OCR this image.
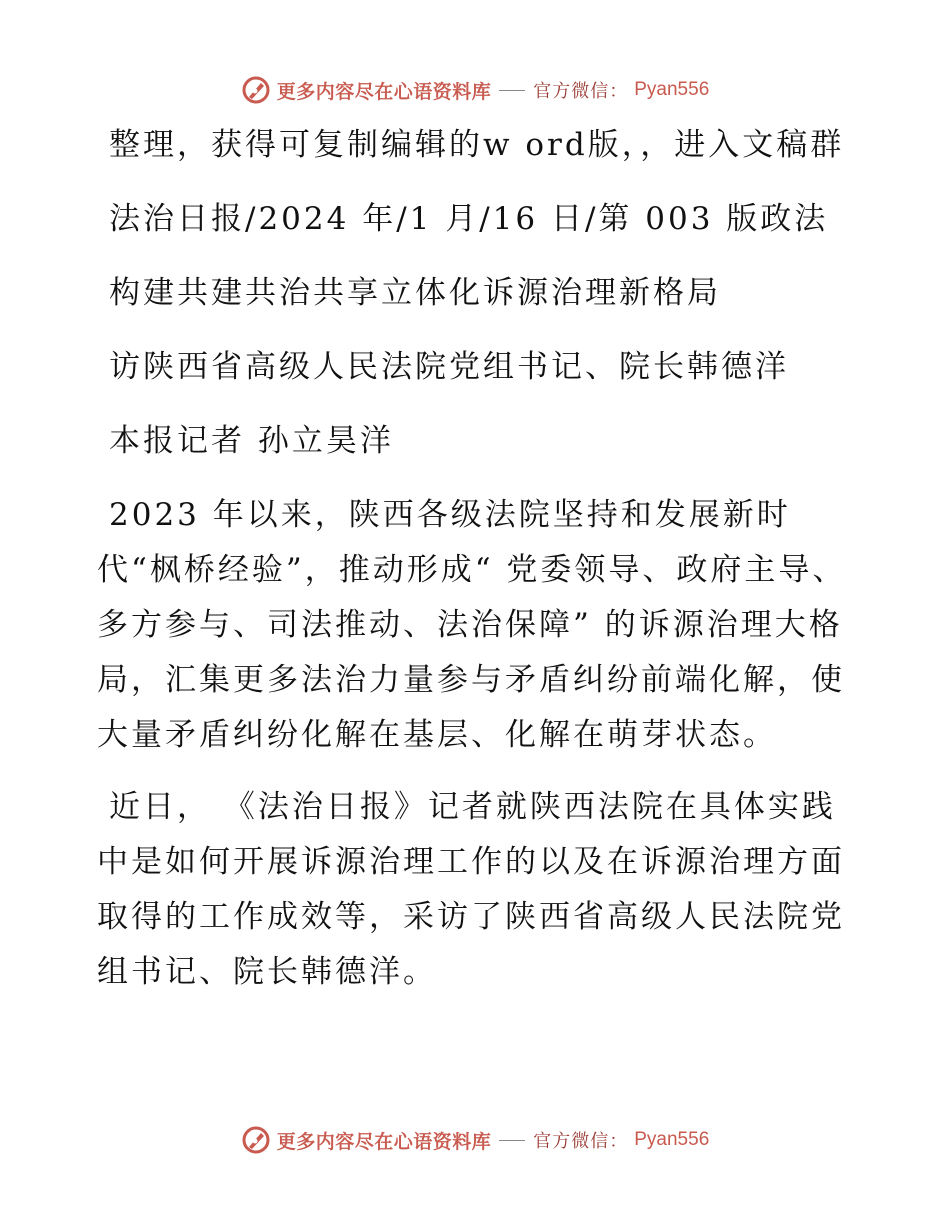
更多内容尽在心语资料库 官方微信： Pyan556

整理，获得可复制编辑的w ord版，，进入文稿群

法治日报/2024 年/1 月/16 日/第 003 版政法

构建共建共治共享立体化诉源治理新格局

访陕西省高级人民法院党组书记、院长韩德洋

本报记者 孙立昊洋

2023 年以来，陕西各级法院坚持和发展新时代“枫桥经验”，推动形成“ 党委领导、政府主导、多方参与、司法推动、法治保障” 的诉源治理大格局，汇集更多法治力量参与矛盾纠纷前端化解，使大量矛盾纠纷化解在基层、化解在萌芽状态。

近日， 《法治日报》记者就陕西法院在具体实践中是如何开展诉源治理工作的以及在诉源治理方面取得的工作成效等，采访了陕西省高级人民法院党组书记、院长韩德洋。

更多内容尽在心语资料库 官方微信： Pyan556
